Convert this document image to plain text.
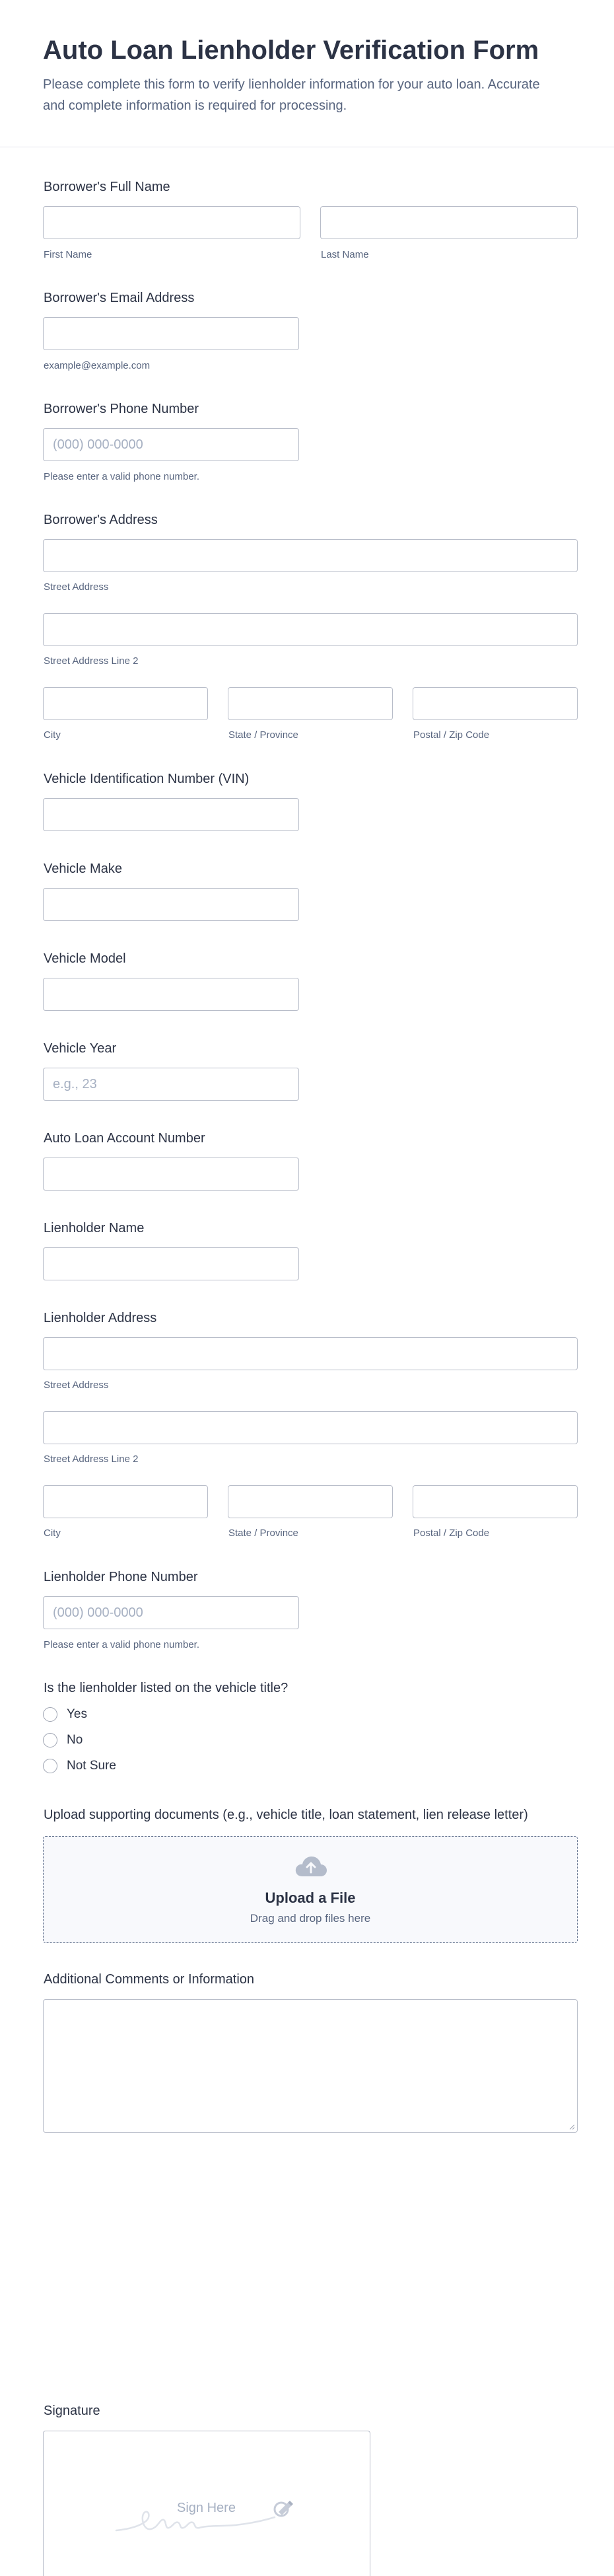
Auto Loan Lienholder Verification Form

Please complete this form to verify lienholder information for your auto loan. Accurate and complete information is required for processing.

Borrower's Full Name
First Name	Last Name
Borrower's Email Address
example@example.com
Borrower's Phone Number
(000) 000-0000
Please enter a valid phone number.
Borrower's Address
Street Address
Street Address Line 2
City	State / Province	Postal / Zip Code
Vehicle Identification Number (VIN)
Vehicle Make
Vehicle Model
Vehicle Year
e.g., 23
Auto Loan Account Number
Lienholder Name
Lienholder Address
Street Address
Street Address Line 2
City	State / Province	Postal / Zip Code
Lienholder Phone Number
(000) 000-0000
Please enter a valid phone number.
Is the lienholder listed on the vehicle title?
Yes
No
Not Sure
Upload supporting documents (e.g., vehicle title, loan statement, lien release letter)
Upload a File
Drag and drop files here
Additional Comments or Information
Signature
Sign Here
